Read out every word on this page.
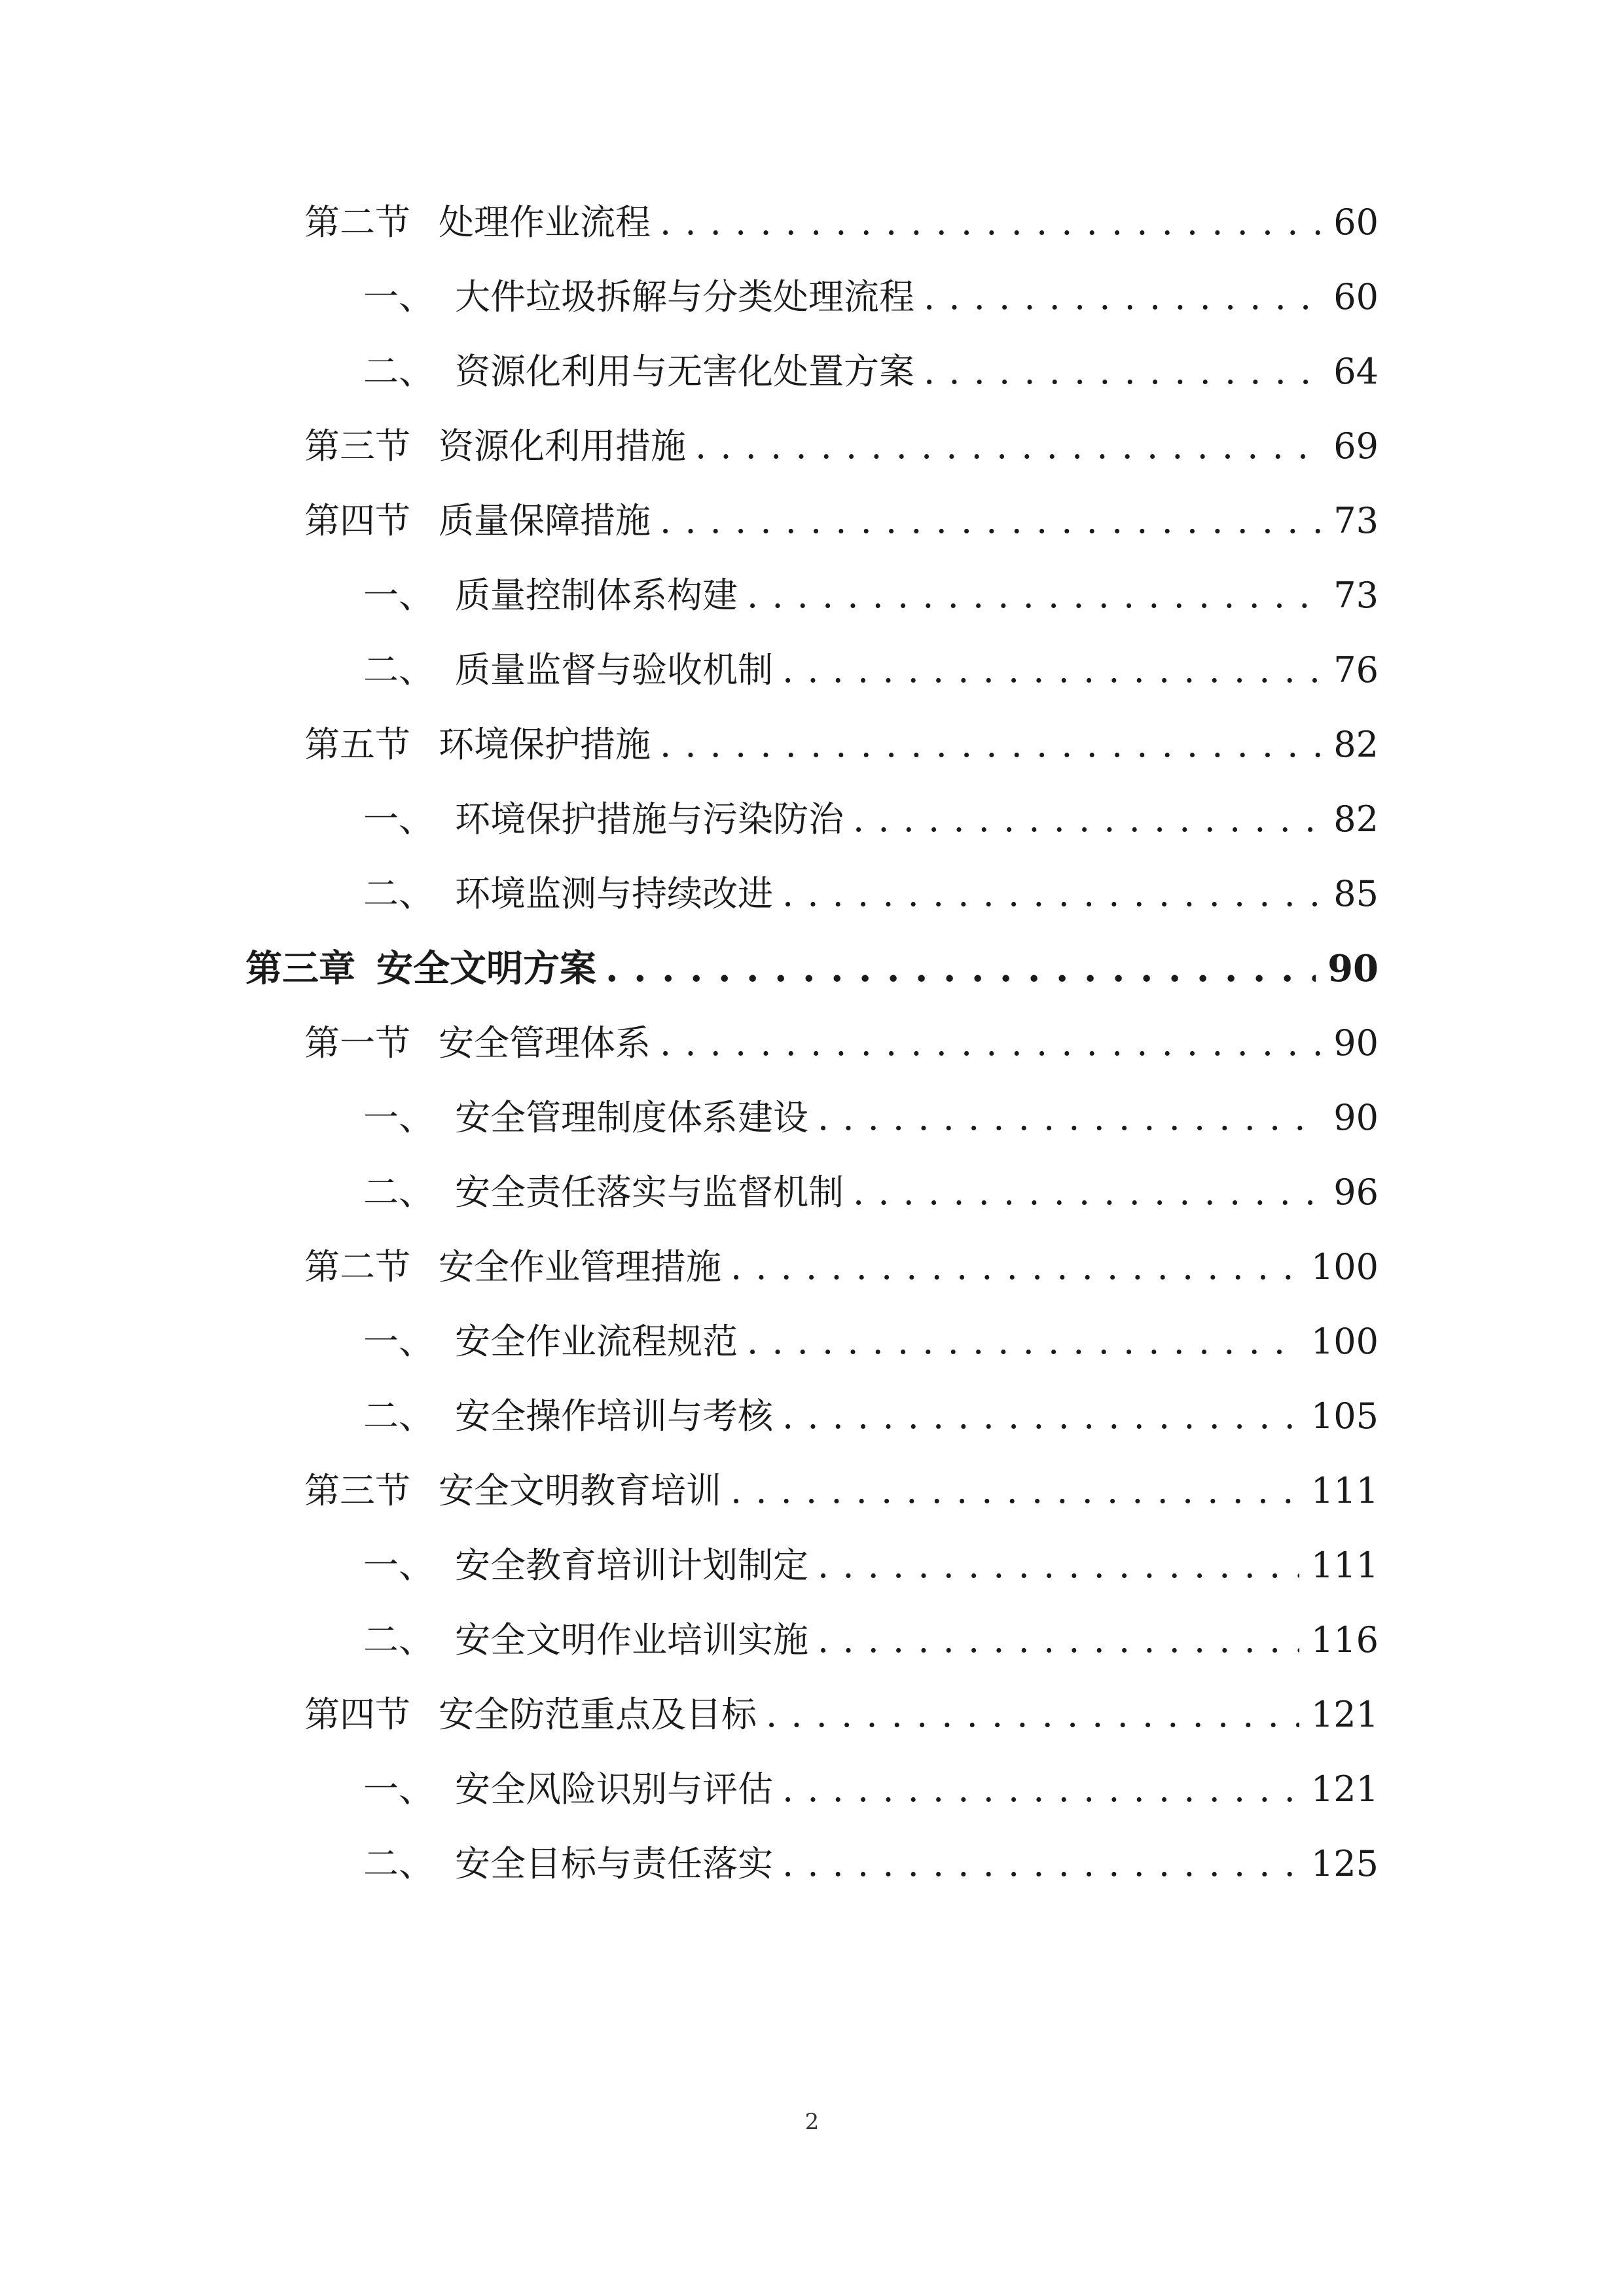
第二节 处理作业流程 . . .	60
一、 大件垃圾拆解与分类处理流程 . . .	60
二、 资源化利用与无害化处置方案 . . .	64
第三节 资源化利用措施 . . .	69
第四节 质量保障措施 . . .	73
一、 质量控制体系构建 . . .	73
二、 质量监督与验收机制 . . .	76
第五节 环境保护措施 . . .	82
一、 环境保护措施与污染防治 . . .	82
二、 环境监测与持续改进 . . .	85
第三章 安全文明方案 . . .	90
第一节 安全管理体系 . . .	90
一、 安全管理制度体系建设 . . .	90
二、 安全责任落实与监督机制 . . .	96
第二节 安全作业管理措施 . . .	100
一、 安全作业流程规范 . . .	100
二、 安全操作培训与考核 . . .	105
第三节 安全文明教育培训 . . .	111
一、 安全教育培训计划制定 . . .	111
二、 安全文明作业培训实施 . . .	116
第四节 安全防范重点及目标 . . .	121
一、 安全风险识别与评估 . . .	121
二、 安全目标与责任落实 . . .	125
2
